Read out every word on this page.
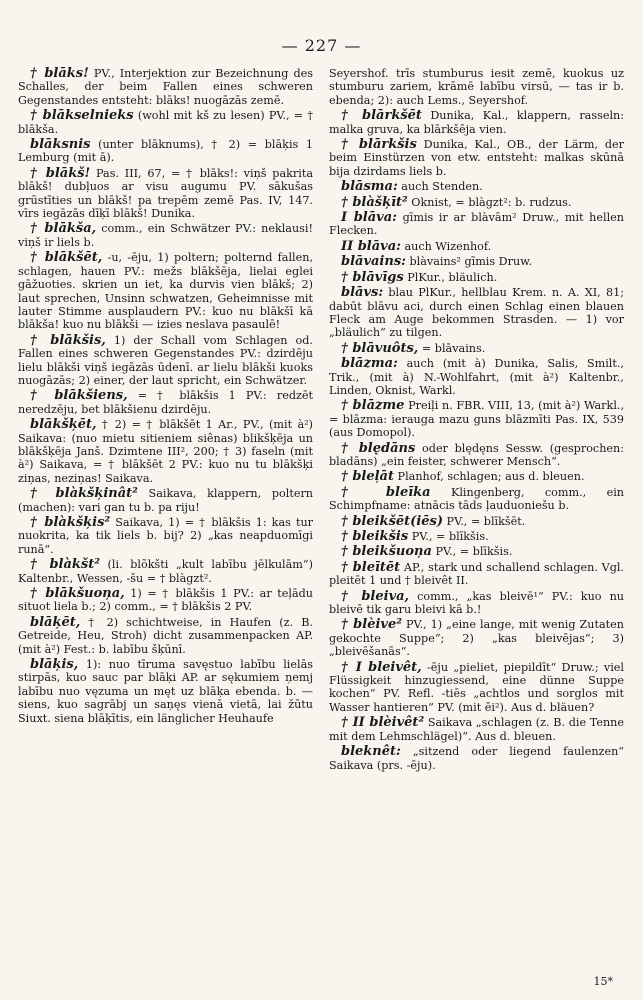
— 227 —

† blāks! PV., Interjektion zur Bezeichnung des Schalles, der beim Fallen eines schweren Gegenstandes entsteht: blāks! nuogāzās zemē.

† blākselnieks (wohl mit kš zu lesen) PV., = † blākša.

blāksnis (unter blāknums), † 2) = blāķis 1 Lemburg (mit ā).

† blākš! Pas. III, 67, = † blāks!: viņš pakrita blākš! dubļuos ar visu augumu PV. sākušas grūstīties un blākš! pa trepēm zemē Pas. IV, 147. vīrs iegāzās dīķī blākš! Dunika.

† blākša, comm., ein Schwätzer PV.: neklausi! viņš ir liels b.

† blākšēt, -u, -ēju, 1) poltern; polternd fallen, schlagen, hauen PV.: mežs blākšēja, lielai eglei gāžuoties. skrien un iet, ka durvis vien blākš; 2) laut sprechen, Unsinn schwatzen, Geheimnisse mit lauter Stimme ausplaudern PV.: kuo nu blākšī kā blākša! kuo nu blākši — izies neslava pasaulē!

† blākšis, 1) der Schall vom Schlagen od. Fallen eines schweren Gegenstandes PV.: dzirdēju lielu blākši viņš iegāzās ūdenī. ar lielu blākši kuoks nuogāzās; 2) einer, der laut spricht, ein Schwätzer.

† blākšiens, = † blākšis 1 PV.: redzēt neredzēju, bet blākšienu dzirdēju.

blākšķēt, † 2) = † blākšēt 1 Ar., PV., (mit à²) Saikava: (nuo mietu sitieniem siênas) blikšķēja un blākšķēja Janš. Dzimtene III², 200; † 3) faseln (mit à²) Saikava, = † blākšēt 2 PV.: kuo nu tu blākšķi ziņas, neziņas! Saikava.

† blàkšķinât² Saikava, klappern, poltern (machen): vari gan tu b. pa riju!

† blàkšķis² Saikava, 1) = † blākšis 1: kas tur nuokrita, ka tik liels b. bij? 2) „kas neapduomīgi runā“.

† blàkšt² (li. blõkšti „kult labību jēlkulām“) Kaltenbr., Wessen, -šu = † blàgzt².

† blākšuoņa, 1) = † blākšis 1 PV.: ar teļādu situot liela b.; 2) comm., = † blākšis 2 PV.

blāķēt, † 2) schichtweise, in Haufen (z. B. Getreide, Heu, Stroh) dicht zusammenpacken AP. (mit à²) Fest.: b. labību šķūnī.

blāķis, 1): nuo tīruma savęstuo labību lielās stirpās, kuo sauc par blāķi AP. ar sękumiem ņemj labību nuo vęzuma un męt uz blāķa ebenda. b. — siens, kuo sagrābj un saņęs vienā vietā, lai žūtu Siuxt. siena blāķītis, ein länglicher Heuhaufe

Seyershof. trīs stumburus iesit zemē, kuokus uz stumburu zariem, krāmē labību virsū, — tas ir b. ebenda; 2): auch Lems., Seyershof.

† blārkšēt Dunika, Kal., klappern, rasseln: malka gruva, ka blārkšēja vien.

† blārkšis Dunika, Kal., OB., der Lärm, der beim Einstürzen von etw. entsteht: malkas skūnā bija dzirdams liels b.

blāsma: auch Stenden.

† blàšķīt² Oknist, = blàgzt²: b. rudzus.

I blāva: gīmis ir ar blàvām² Druw., mit hellen Flecken.

II blāva: auch Wizenhof.

blāvains: blàvains² gīmis Druw.

† blāvīgs PlKur., bläulich.

blāvs: blau PlKur., hellblau Krem. n. A. XI, 81; dabūt blāvu aci, durch einen Schlag einen blauen Fleck am Auge bekommen Strasden. — 1) vor „bläulich“ zu tilgen.

† blāvuôts, = blāvains.

blāzma: auch (mit à) Dunika, Salis, Smilt., Trik., (mit à) N.-Wohlfahrt, (mit à²) Kaltenbr., Linden, Oknist, Warkl.

† blāzme Preiļi n. FBR. VIII, 13, (mit à²) Warkl., = blāzma: ierauga mazu guns blāzmīti Pas. IX, 539 (aus Domopol).

† blędāns oder blędęns Sessw. (gesprochen: bladāns) „ein feister, schwerer Mensch“.

† bleļāt Planhof, schlagen; aus d. bleuen.

† bleīka Klingenberg, comm., ein Schimpfname: atnācis tāds ļauduoniešu b.

† bleikšēt(iēs) PV., = blīkšēt.

† bleikšis PV., = blīkšis.

† bleikšuoņa PV., = blīkšis.

† bleītēt AP., stark und schallend schlagen. Vgl. pleitēt 1 und † bleivêt II.

† bleiva, comm., „kas bleivē¹“ PV.: kuo nu bleivē tik garu bleivi kā b.!

† blèive² PV., 1) „eine lange, mit wenig Zutaten gekochte Suppe“; 2) „kas bleivējas“; 3) „bleivēšanās“.

† I bleivêt, -ēju „pieliet, piepildīt“ Druw.; viel Flüssigkeit hinzugiessend, eine dünne Suppe kochen“ PV. Refl. -tiēs „achtlos und sorglos mit Wasser hantieren“ PV. (mit ēi²). Aus d. bläuen?

† II blèivêt² Saikava „schlagen (z. B. die Tenne mit dem Lehmschlägel)“. Aus d. bleuen.

bleknêt: „sitzend oder liegend faulenzen“ Saikava (prs. -ēju).

15*
